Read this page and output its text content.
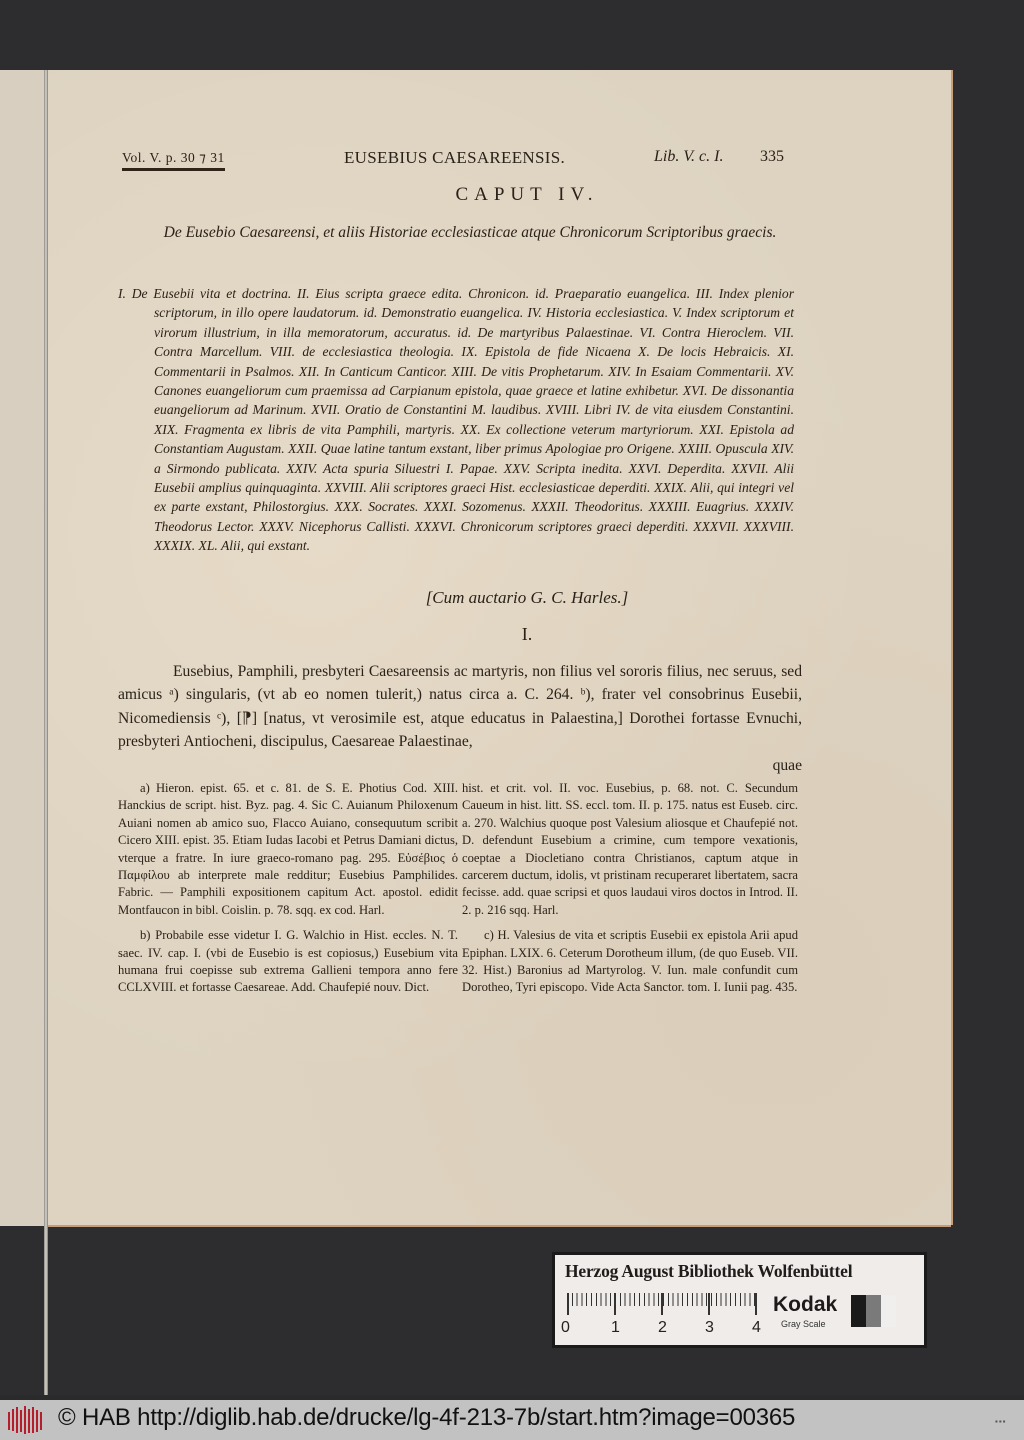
Vol. V. p. 30 ⁊ 31	EUSEBIUS CAESAREENSIS.	Lib. V. c. I. 335
CAPUT IV.
De Eusebio Caesareensi, et aliis Historiae ecclesiasticae atque Chronicorum Scriptoribus graecis.
I. De Eusebii vita et doctrina. II. Eius scripta graece edita. Chronicon. id. Praeparatio euangelica. III. Index plenior scriptorum, in illo opere laudatorum. id. Demonstratio euangelica. IV. Historia ecclesiastica. V. Index scriptorum et virorum illustrium, in illa memoratorum, accuratus. id. De martyribus Palaestinae. VI. Contra Hieroclem. VII. Contra Marcellum. VIII. de ecclesiastica theologia. IX. Epistola de fide Nicaena X. De locis Hebraicis. XI. Commentarii in Psalmos. XII. In Canticum Canticor. XIII. De vitis Prophetarum. XIV. In Esaiam Commentarii. XV. Canones euangeliorum cum praemissa ad Carpianum epistola, quae graece et latine exhibetur. XVI. De dissonantia euangeliorum ad Marinum. XVII. Oratio de Constantini M. laudibus. XVIII. Libri IV. de vita eiusdem Constantini. XIX. Fragmenta ex libris de vita Pamphili, martyris. XX. Ex collectione veterum martyriorum. XXI. Epistola ad Constantiam Augustam. XXII. Quae latine tantum exstant, liber primus Apologiae pro Origene. XXIII. Opuscula XIV. a Sirmondo publicata. XXIV. Acta spuria Siluestri I. Papae. XXV. Scripta inedita. XXVI. Deperdita. XXVII. Alii Eusebii amplius quinquaginta. XXVIII. Alii scriptores graeci Hist. ecclesiasticae deperditi. XXIX. Alii, qui integri vel ex parte exstant, Philostorgius. XXX. Socrates. XXXI. Sozomenus. XXXII. Theodoritus. XXXIII. Euagrius. XXXIV. Theodorus Lector. XXXV. Nicephorus Callisti. XXXVI. Chronicorum scriptores graeci deperditi. XXXVII. XXXVIII. XXXIX. XL. Alii, qui exstant.
[Cum auctario G. C. Harles.]
I.

Eusebius, Pamphili, presbyteri Caesareensis ac martyris, non filius vel sororis filius, nec seruus, sed amicus ᵃ) singularis, (vt ab eo nomen tulerit,) natus circa a. C. 264. ᵇ), frater vel consobrinus Eusebii, Nicomediensis ᶜ), [⁋] [natus, vt verosimile est, atque educatus in Palaestina,] Dorothei fortasse Evnuchi, presbyteri Antiocheni, discipulus, Caesareae Palaestinae,

quae

a) Hieron. epist. 65. et c. 81. de S. E. Photius Cod. XIII. Hanckius de script. hist. Byz. pag. 4. Sic C. Auianum Philoxenum Auiani nomen ab amico suo, Flacco Auiano, consequutum scribit Cicero XIII. epist. 35. Etiam Iudas Iacobi et Petrus Damiani dictus, vterque a fratre. In iure graeco-romano pag. 295. Εὐσέβιος ὁ Παμφίλου ab interprete male redditur; Eusebius Pamphilides. Fabric. — Pamphili expositionem capitum Act. apostol. edidit Montfaucon in bibl. Coislin. p. 78. sqq. ex cod. Harl.

b) Probabile esse videtur I. G. Walchio in Hist. eccles. N. T. saec. IV. cap. I. (vbi de Eusebio is est copiosus,) Eusebium vita humana frui coepisse sub extrema Gallieni tempora anno fere CCLXVIII. et fortasse Caesareae. Add. Chaufepié nouv. Dict.

hist. et crit. vol. II. voc. Eusebius, p. 68. not. C. Secundum Caueum in hist. litt. SS. eccl. tom. II. p. 175. natus est Euseb. circ. a. 270. Walchius quoque post Valesium aliosque et Chaufepié not. D. defendunt Eusebium a crimine, cum tempore vexationis, coeptae a Diocletiano contra Christianos, captum atque in carcerem ductum, idolis, vt pristinam recuperaret libertatem, sacra fecisse. add. quae scripsi et quos laudaui viros doctos in Introd. II. 2. p. 216 sqq. Harl.

c) H. Valesius de vita et scriptis Eusebii ex epistola Arii apud Epiphan. LXIX. 6. Ceterum Dorotheum illum, (de quo Euseb. VII. 32. Hist.) Baronius ad Martyrolog. V. Iun. male confundit cum Dorotheo, Tyri episcopo. Vide Acta Sanctor. tom. I. Iunii pag. 435.

Herzog August Bibliothek Wolfenbüttel
0	1 2 3 4
Kodak
Gray Scale
© HAB http://diglib.hab.de/drucke/lg-4f-213-7b/start.htm?image=00365	▪▪▪
